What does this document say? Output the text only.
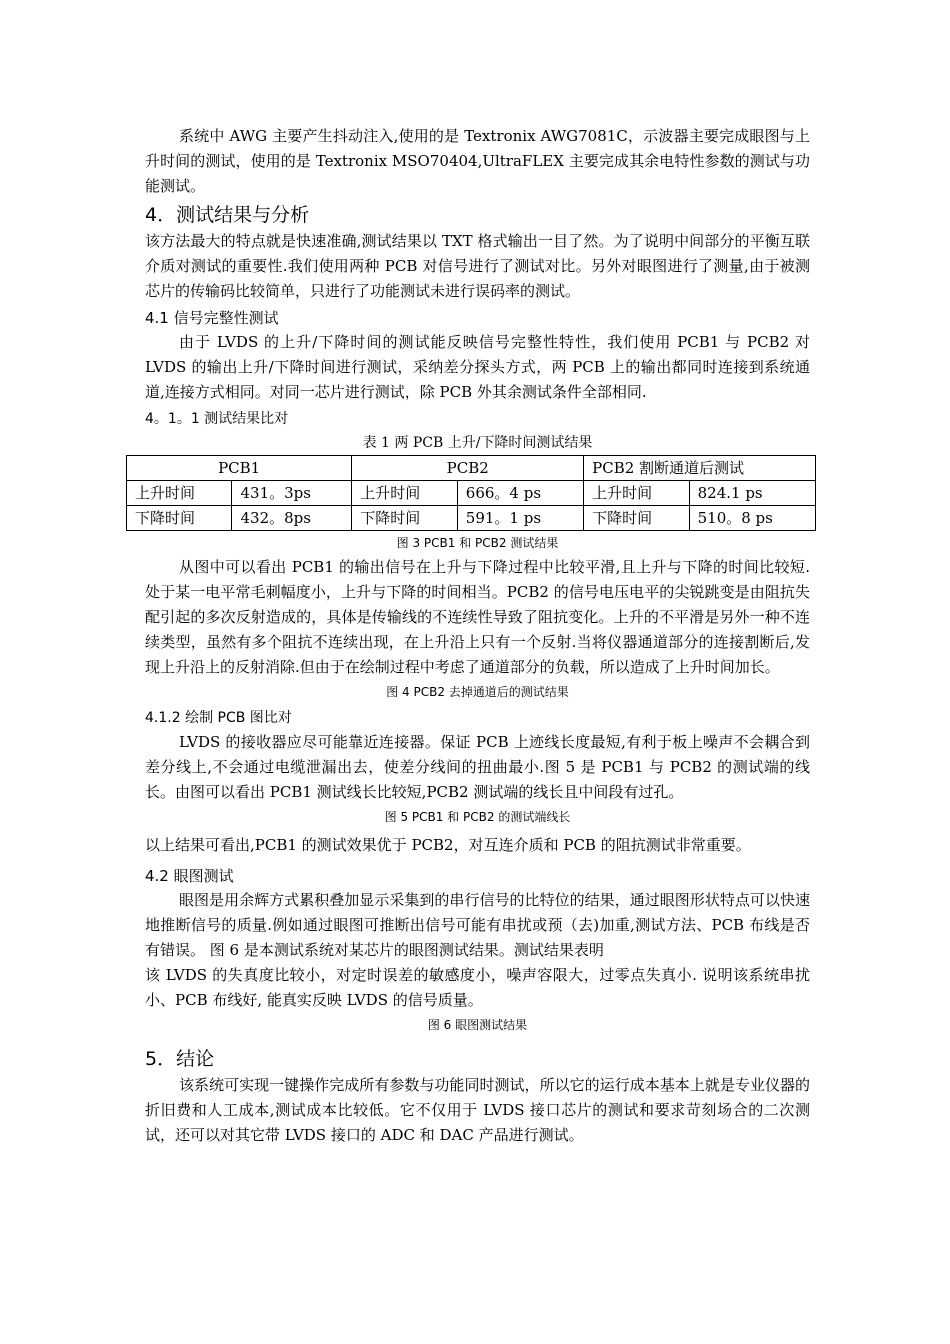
系统中 AWG 主要产生抖动注入,使用的是 Textronix AWG7081C，示波器主要完成眼图与上升时间的测试，使用的是 Textronix MSO70404,UltraFLEX 主要完成其余电特性参数的测试与功能测试。

4．测试结果与分析

该方法最大的特点就是快速准确,测试结果以 TXT 格式输出一目了然。为了说明中间部分的平衡互联介质对测试的重要性.我们使用两种 PCB 对信号进行了测试对比。另外对眼图进行了测量,由于被测芯片的传输码比较简单，只进行了功能测试未进行误码率的测试。

4.1 信号完整性测试

由于 LVDS 的上升/下降时间的测试能反映信号完整性特性，我们使用 PCB1 与 PCB2 对 LVDS 的输出上升/下降时间进行测试，采纳差分探头方式，两 PCB 上的输出都同时连接到系统通道,连接方式相同。对同一芯片进行测试，除 PCB 外其余测试条件全部相同.

4。1。1 测试结果比对

表 1 两 PCB 上升/下降时间测试结果

PCB1		PCB2		PCB2 割断通道后测试	
上升时间	431。3ps	上升时间	666。4 ps	上升时间	824.1 ps
下降时间	432。8ps	下降时间	591。1 ps	下降时间	510。8 ps

图 3 PCB1 和 PCB2 测试结果

从图中可以看出 PCB1 的输出信号在上升与下降过程中比较平滑,且上升与下降的时间比较短.处于某一电平常毛刺幅度小，上升与下降的时间相当。PCB2 的信号电压电平的尖锐跳变是由阻抗失配引起的多次反射造成的，具体是传输线的不连续性导致了阻抗变化。上升的不平滑是另外一种不连续类型，虽然有多个阻抗不连续出现，在上升沿上只有一个反射.当将仪器通道部分的连接割断后,发现上升沿上的反射消除.但由于在绘制过程中考虑了通道部分的负载，所以造成了上升时间加长。

图 4 PCB2 去掉通道后的测试结果

4.1.2 绘制 PCB 图比对

LVDS 的接收器应尽可能靠近连接器。保证 PCB 上迹线长度最短,有利于板上噪声不会耦合到差分线上,不会通过电缆泄漏出去，使差分线间的扭曲最小.图 5 是 PCB1 与 PCB2 的测试端的线长。由图可以看出 PCB1 测试线长比较短,PCB2 测试端的线长且中间段有过孔。

图 5 PCB1 和 PCB2 的测试端线长

以上结果可看出,PCB1 的测试效果优于 PCB2，对互连介质和 PCB 的阻抗测试非常重要。

4.2 眼图测试

眼图是用余辉方式累积叠加显示采集到的串行信号的比特位的结果，通过眼图形状特点可以快速地推断信号的质量.例如通过眼图可推断出信号可能有串扰或预（去)加重,测试方法、PCB 布线是否有错误。 图 6 是本测试系统对某芯片的眼图测试结果。测试结果表明

该 LVDS 的失真度比较小，对定时误差的敏感度小，噪声容限大，过零点失真小. 说明该系统串扰小、PCB 布线好, 能真实反映 LVDS 的信号质量。

图 6 眼图测试结果

5．结论

该系统可实现一键操作完成所有参数与功能同时测试，所以它的运行成本基本上就是专业仪器的折旧费和人工成本,测试成本比较低。它不仅用于 LVDS 接口芯片的测试和要求苛刻场合的二次测试，还可以对其它带 LVDS 接口的 ADC 和 DAC 产品进行测试。
